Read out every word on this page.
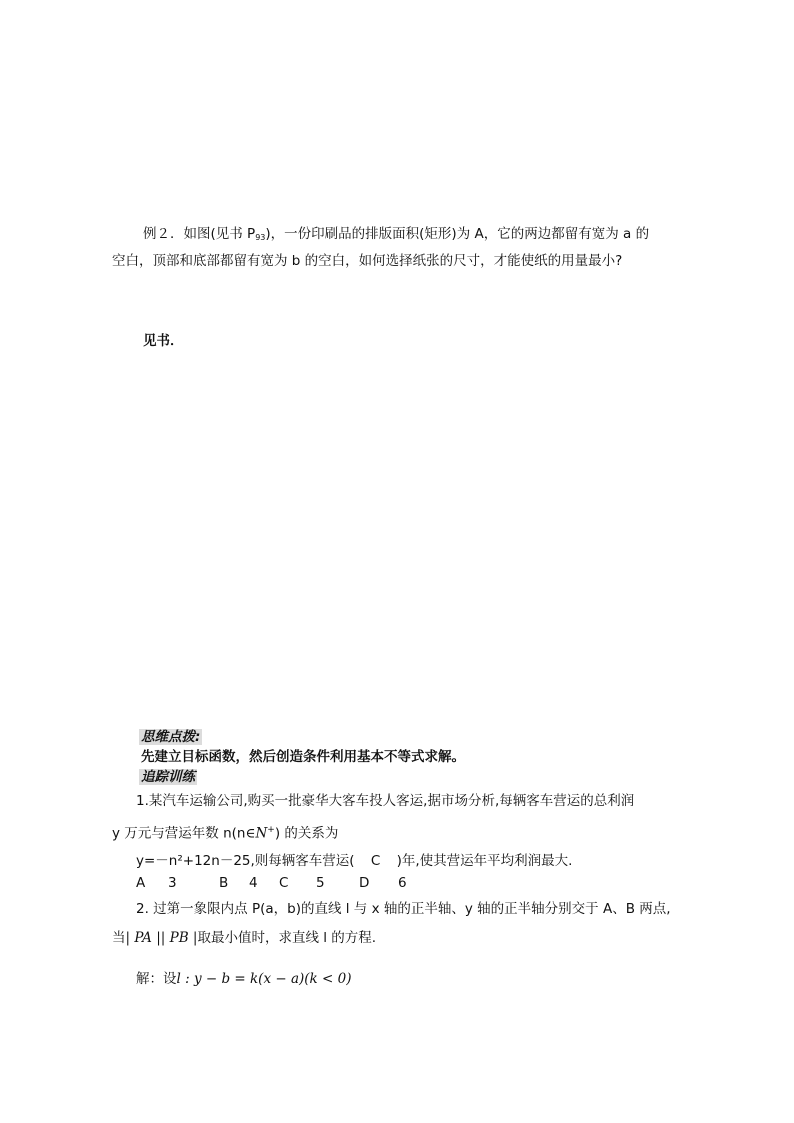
例２．如图(见书 $P_{93}$)，一份印刷品的排版面积(矩形)为 A，它的两边都留有宽为 a 的
空白，顶部和底部都留有宽为 b 的空白，如何选择纸张的尺寸，才能使纸的用量最小?
见书．
思维点拨:
先建立目标函数，然后创造条件利用基本不等式求解。
追踪训练
1.某汽车运输公司,购买一批豪华大客车投人客运,据市场分析,每辆客车营运的总利润
y 万元与营运年数 n(n∈N+) 的关系为
y=－n²+12n－25,则每辆客车营运( C )年,使其营运年平均利润最大.
A 3	B 4 C 5	D 6
2. 过第一象限内点 P(a，b)的直线 l 与 x 轴的正半轴、y 轴的正半轴分别交于 A、B 两点,
当| PA || PB |取最小值时，求直线 l 的方程.
解：设l : y − b = k(x − a)(k < 0)
